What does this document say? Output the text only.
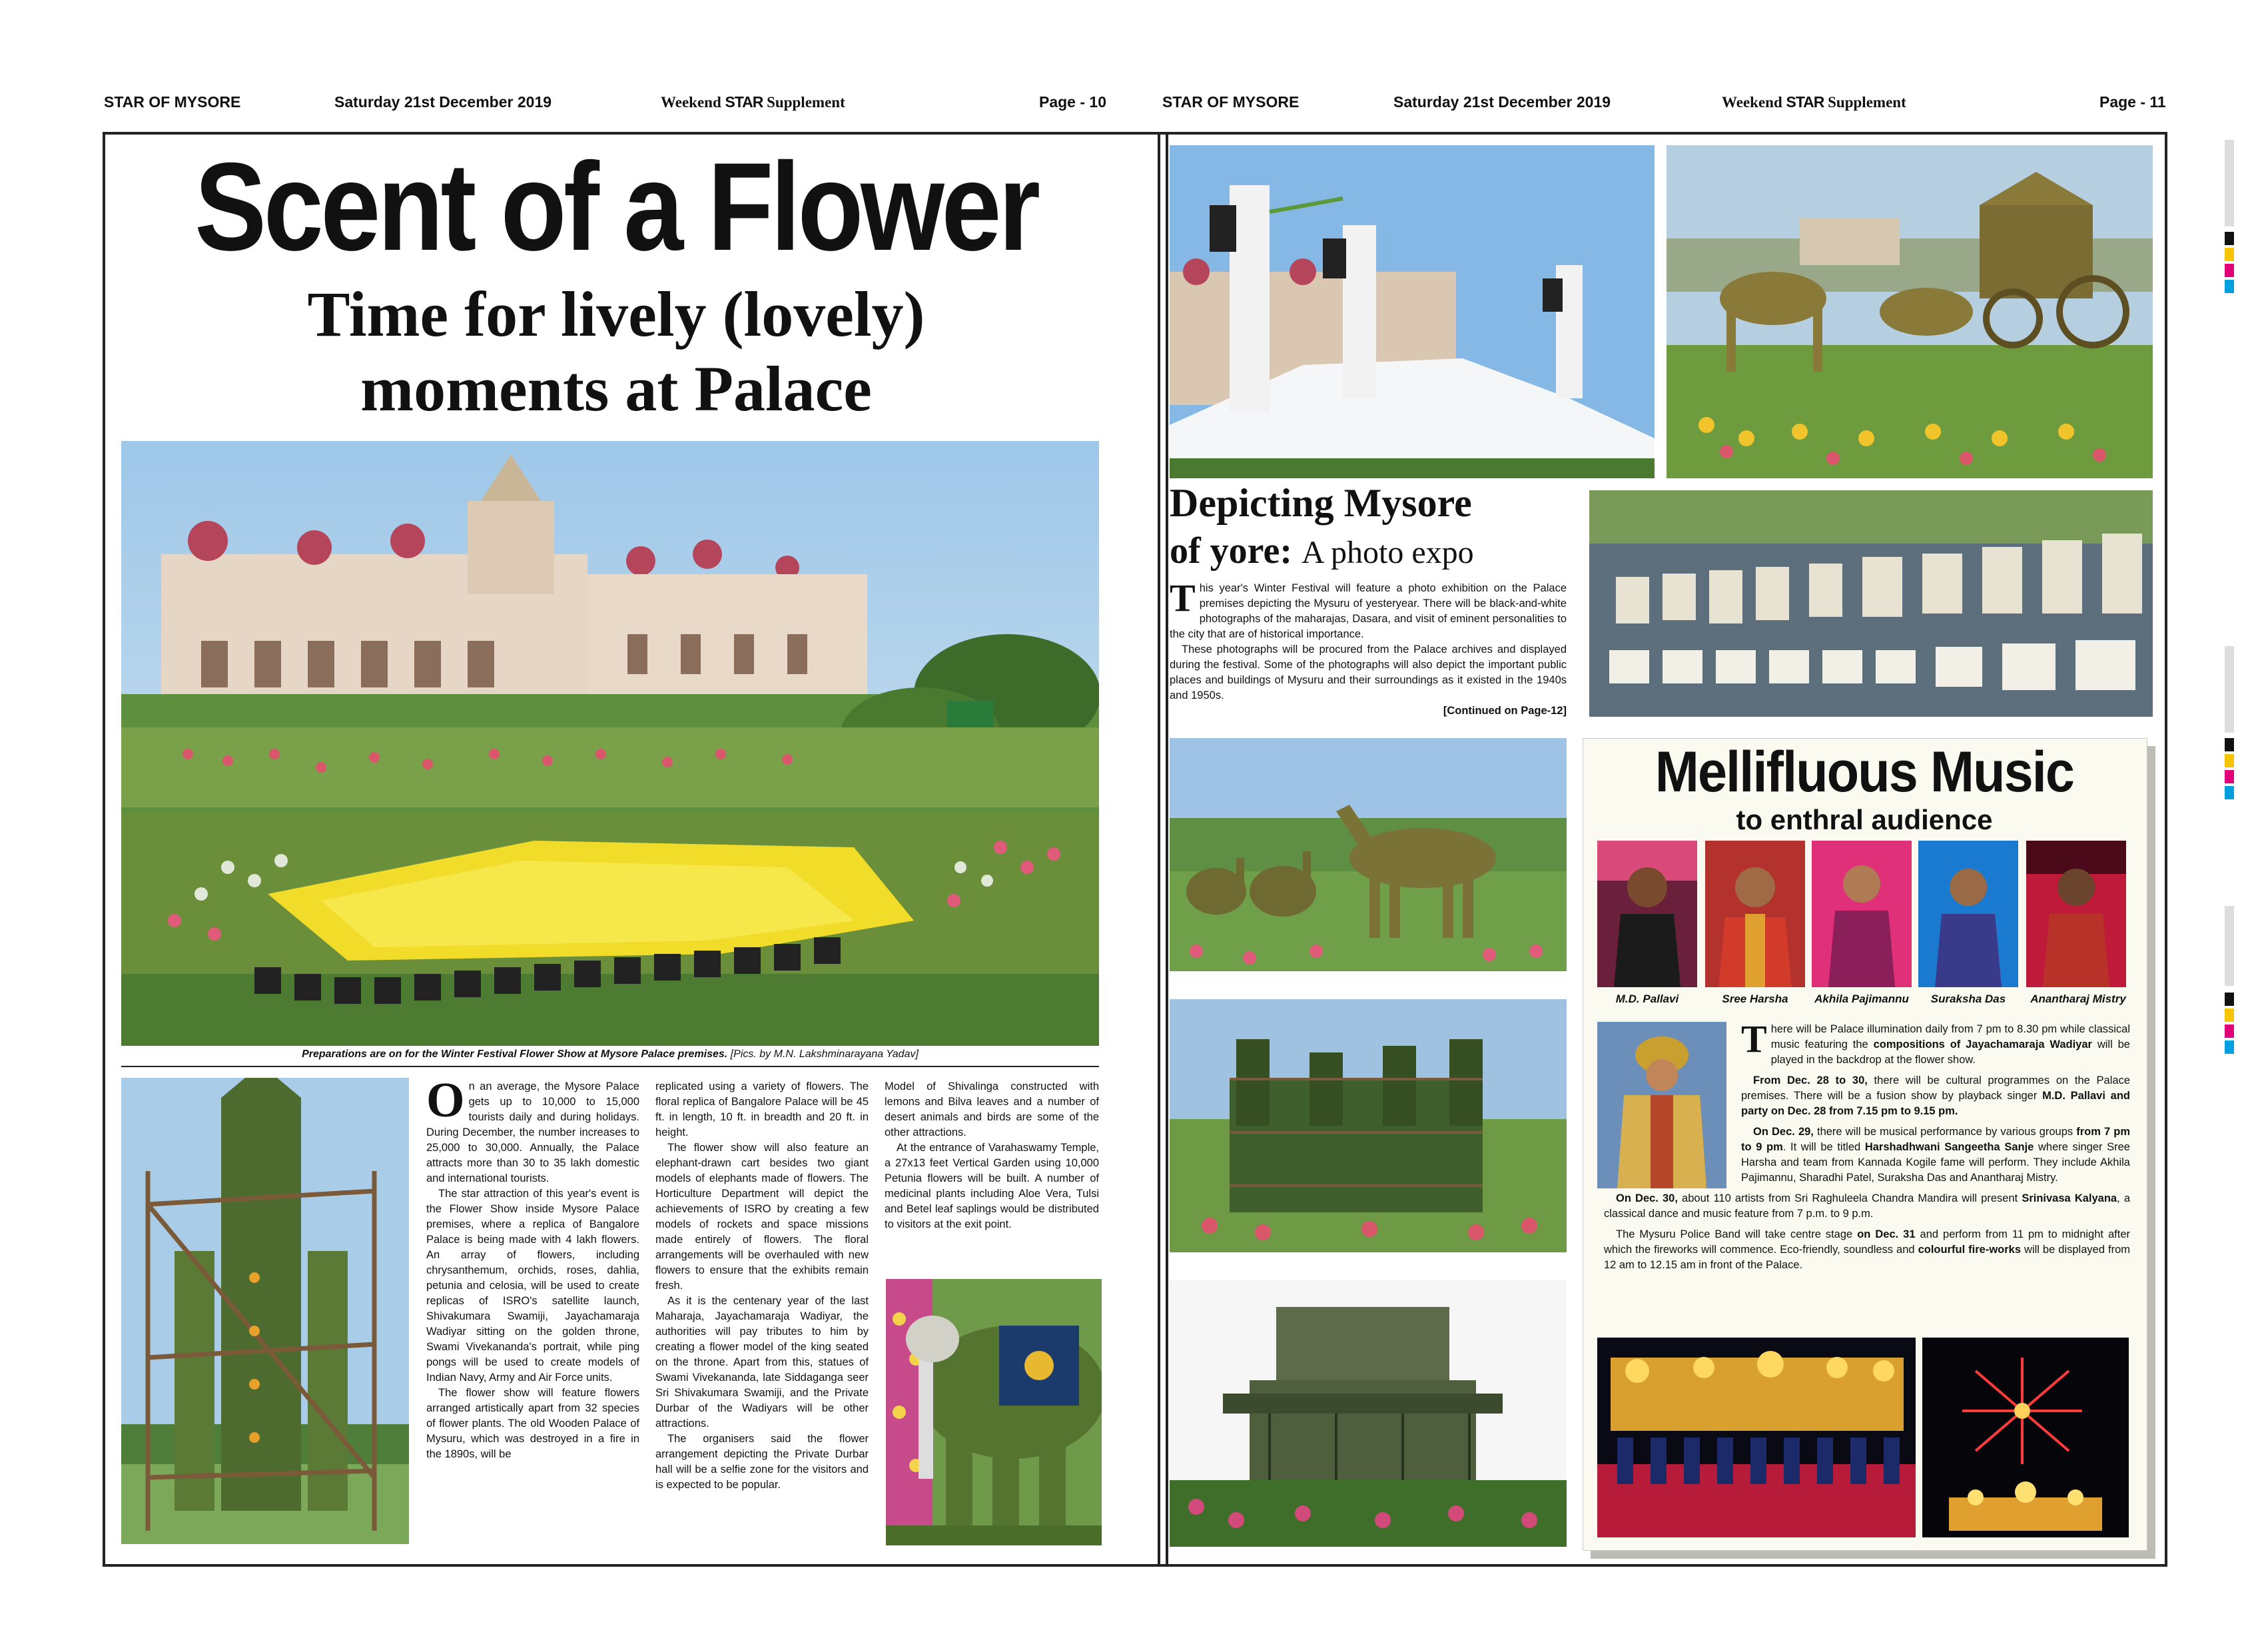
STAR OF MYSORE	Saturday 21st December 2019	Weekend STAR Supplement	Page - 10	STAR OF MYSORE	Saturday 21st December 2019	Weekend STAR Supplement	Page - 11
Scent of a Flower
Time for lively (lovely)
moments at Palace
Preparations are on for the Winter Festival Flower Show at Mysore Palace premises. [Pics. by M.N. Lakshminarayana Yadav]
O n an average, the Mysore Palace gets up to 10,000 to 15,000 tourists daily and during holidays. During December, the number increases to 25,000 to 30,000. Annually, the Palace attracts more than 30 to 35 lakh domestic and international tourists.

The star attraction of this year's event is the Flower Show inside Mysore Palace premises, where a replica of Bangalore Palace is being made with 4 lakh flowers. An array of flowers, including chrysanthemum, orchids, roses, dahlia, petunia and celosia, will be used to create replicas of ISRO's satellite launch, Shivakumara Swamiji, Jayachamaraja Wadiyar sitting on the golden throne, Swami Vivekananda's portrait, while ping pongs will be used to create models of Indian Navy, Army and Air Force units.

The flower show will feature flowers arranged artistically apart from 32 species of flower plants. The old Wooden Palace of Mysuru, which was destroyed in a fire in the 1890s, will be

replicated using a variety of flowers. The floral replica of Bangalore Palace will be 45 ft. in length, 10 ft. in breadth and 20 ft. in height.

The flower show will also feature an elephant-drawn cart besides two giant models of elephants made of flowers. The Horticulture Department will depict the achievements of ISRO by creating a few models of rockets and space missions made entirely of flowers. The floral arrangements will be overhauled with new flowers to ensure that the exhibits remain fresh.

As it is the centenary year of the last Maharaja, Jayachamaraja Wadiyar, the authorities will pay tributes to him by creating a flower model of the king seated on the throne. Apart from this, statues of Swami Vivekananda, late Siddaganga seer Sri Shivakumara Swamiji, and the Private Durbar of the Wadiyars will be other attractions.

The organisers said the flower arrangement depicting the Private Durbar hall will be a selfie zone for the visitors and is expected to be popular.

Model of Shivalinga constructed with lemons and Bilva leaves and a number of desert animals and birds are some of the other attractions.

At the entrance of Varahaswamy Temple, a 27x13 feet Vertical Garden using 10,000 Petunia flowers will be built. A number of medicinal plants including Aloe Vera, Tulsi and Betel leaf saplings would be distributed to visitors at the exit point.

Depicting Mysore
of yore: A photo expo
T his year's Winter Festival will feature a photo exhibition on the Palace premises depicting the Mysuru of yesteryear. There will be black-and-white photographs of the maharajas, Dasara, and visit of eminent personalities to the city that are of historical importance.

These photographs will be procured from the Palace archives and displayed during the festival. Some of the photographs will also depict the important public places and buildings of Mysuru and their surroundings as it existed in the 1940s and 1950s.

[Continued on Page-12]
Mellifluous Music
to enthral audience
M.D. Pallavi	Sree Harsha	Akhila Pajimannu	Suraksha Das	Anantharaj Mistry
T here will be Palace illumination daily from 7 pm to 8.30 pm while classical music featuring the compositions of Jayachamaraja Wadiyar will be played in the backdrop at the flower show.

From Dec. 28 to 30, there will be cultural programmes on the Palace premises. There will be a fusion show by playback singer M.D. Pallavi and party on Dec. 28 from 7.15 pm to 9.15 pm.

On Dec. 29, there will be musical performance by various groups from 7 pm to 9 pm. It will be titled Harshadhwani Sangeetha Sanje where singer Sree Harsha and team from Kannada Kogile fame will perform. They include Akhila Pajimannu, Sharadhi Patel, Suraksha Das and Anantharaj Mistry.

On Dec. 30, about 110 artists from Sri Raghuleela Chandra Mandira will present Srinivasa Kalyana, a classical dance and music feature from 7 p.m. to 9 p.m.

The Mysuru Police Band will take centre stage on Dec. 31 and perform from 11 pm to midnight after which the fireworks will commence. Eco-friendly, soundless and colourful fire-works will be displayed from 12 am to 12.15 am in front of the Palace.
